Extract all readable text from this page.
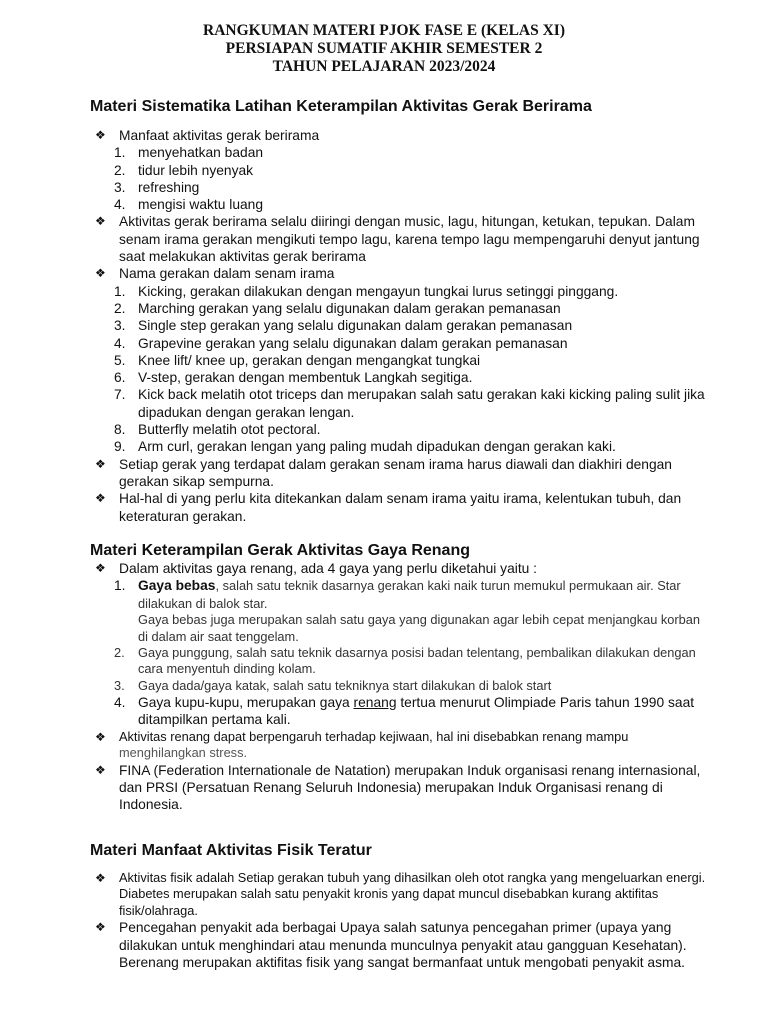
RANGKUMAN MATERI PJOK FASE E (KELAS XI)
PERSIAPAN SUMATIF AKHIR SEMESTER 2
TAHUN PELAJARAN 2023/2024
Materi Sistematika Latihan Keterampilan Aktivitas Gerak Berirama

❖ Manfaat aktivitas gerak berirama

1. menyehatkan badan
2. tidur lebih nyenyak
3. refreshing
4. mengisi waktu luang

❖ Aktivitas gerak berirama selalu diiringi dengan music, lagu, hitungan, ketukan, tepukan. Dalam senam irama gerakan mengikuti tempo lagu, karena tempo lagu mempengaruhi denyut jantung saat melakukan aktivitas gerak berirama

❖ Nama gerakan dalam senam irama

1. Kicking, gerakan dilakukan dengan mengayun tungkai lurus setinggi pinggang.
2. Marching gerakan yang selalu digunakan dalam gerakan pemanasan
3. Single step gerakan yang selalu digunakan dalam gerakan pemanasan
4. Grapevine gerakan yang selalu digunakan dalam gerakan pemanasan
5. Knee lift/ knee up, gerakan dengan mengangkat tungkai
6. V-step, gerakan dengan membentuk Langkah segitiga.
7. Kick back melatih otot triceps dan merupakan salah satu gerakan kaki kicking paling sulit jika dipadukan dengan gerakan lengan.
8. Butterfly melatih otot pectoral.
9. Arm curl, gerakan lengan yang paling mudah dipadukan dengan gerakan kaki.

❖ Setiap gerak yang terdapat dalam gerakan senam irama harus diawali dan diakhiri dengan gerakan sikap sempurna.

❖ Hal-hal di yang perlu kita ditekankan dalam senam irama yaitu irama, kelentukan tubuh, dan keteraturan gerakan.

Materi Keterampilan Gerak Aktivitas Gaya Renang

❖ Dalam aktivitas gaya renang, ada 4 gaya yang perlu diketahui yaitu :

1. Gaya bebas, salah satu teknik dasarnya gerakan kaki naik turun memukul permukaan air. Star dilakukan di balok star.
Gaya bebas juga merupakan salah satu gaya yang digunakan agar lebih cepat menjangkau korban di dalam air saat tenggelam.
2. Gaya punggung, salah satu teknik dasarnya posisi badan telentang, pembalikan dilakukan dengan cara menyentuh dinding kolam.
3. Gaya dada/gaya katak, salah satu tekniknya start dilakukan di balok start
4. Gaya kupu-kupu, merupakan gaya renang tertua menurut Olimpiade Paris tahun 1990 saat ditampilkan pertama kali.

❖ Aktivitas renang dapat berpengaruh terhadap kejiwaan, hal ini disebabkan renang mampu
menghilangkan stress.

❖ FINA (Federation Internationale de Natation) merupakan Induk organisasi renang internasional, dan PRSI (Persatuan Renang Seluruh Indonesia) merupakan Induk Organisasi renang di Indonesia.

Materi Manfaat Aktivitas Fisik Teratur

❖ Aktivitas fisik adalah Setiap gerakan tubuh yang dihasilkan oleh otot rangka yang mengeluarkan energi. Diabetes merupakan salah satu penyakit kronis yang dapat muncul disebabkan kurang aktifitas fisik/olahraga.

❖ Pencegahan penyakit ada berbagai Upaya salah satunya pencegahan primer (upaya yang dilakukan untuk menghindari atau menunda munculnya penyakit atau gangguan Kesehatan). Berenang merupakan aktifitas fisik yang sangat bermanfaat untuk mengobati penyakit asma.
